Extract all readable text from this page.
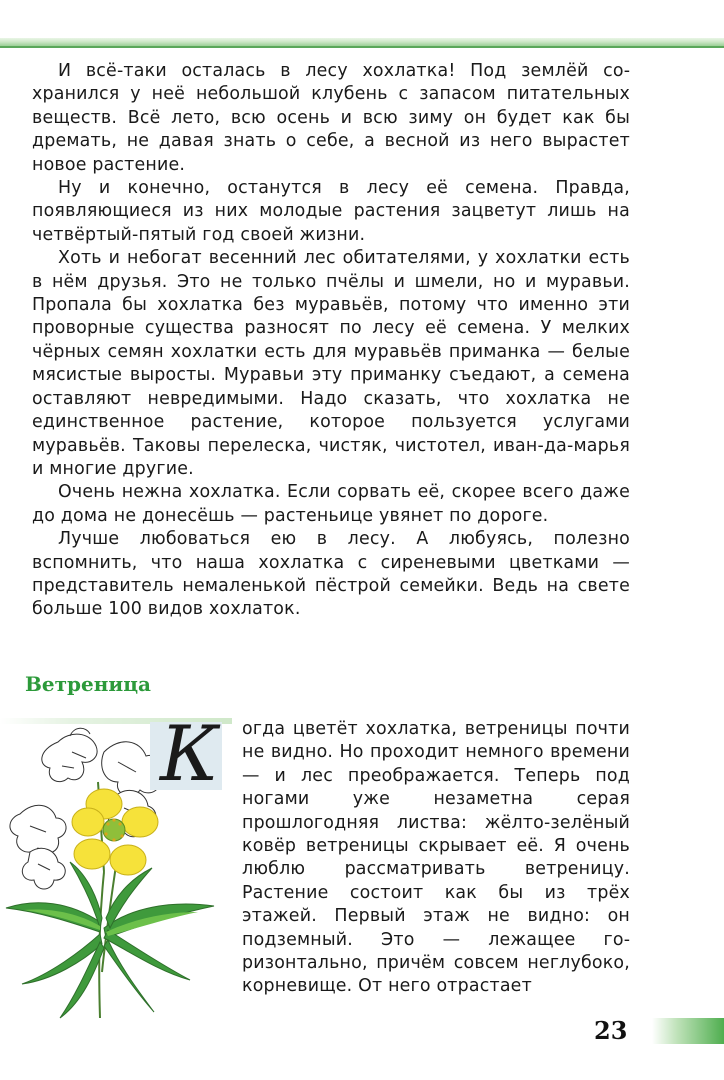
И всё-таки осталась в лесу хохлатка! Под землёй сохранился у неё небольшой клубень с запасом питательных веществ. Всё лето, всю осень и всю зиму он будет как бы дремать, не давая знать о себе, а весной из него вырастет новое растение.

Ну и конечно, останутся в лесу её семена. Правда, появляющиеся из них молодые растения зацветут лишь на четвёртый-пятый год своей жизни.

Хоть и небогат весенний лес обитателями, у хохлатки есть в нём друзья. Это не только пчёлы и шмели, но и муравьи. Пропала бы хохлатка без муравьёв, потому что именно эти проворные существа разносят по лесу её семена. У мелких чёрных семян хохлатки есть для муравьёв приманка — белые мясистые выросты. Муравьи эту приманку съедают, а семена оставляют невредимыми. Надо сказать, что хохлатка не единственное растение, которое пользуется услугами муравьёв. Таковы перелеска, чистяк, чистотел, иван-да-марья и многие другие.

Очень нежна хохлатка. Если сорвать её, скорее всего даже до дома не донесёшь — растеньице увянет по дороге.

Лучше любоваться ею в лесу. А любуясь, полезно вспомнить, что наша хохлатка с сиреневыми цветками — представитель немаленькой пёстрой семейки. Ведь на свете больше 100 видов хохлаток.

Ветреница
К огда цветёт хохлатка, ветреницы почти не видно. Но проходит немного времени — и лес преображается. Теперь под ногами уже незаметна серая прошлогодняя листва: жёлто-зелёный ковёр ветреницы скрывает её. Я очень люблю рассматривать ветреницу. Растение состоит как бы из трёх этажей. Первый этаж не видно: он подземный. Это — лежащее горизонтально, причём совсем неглубоко, корневище. От него отрастает

23
